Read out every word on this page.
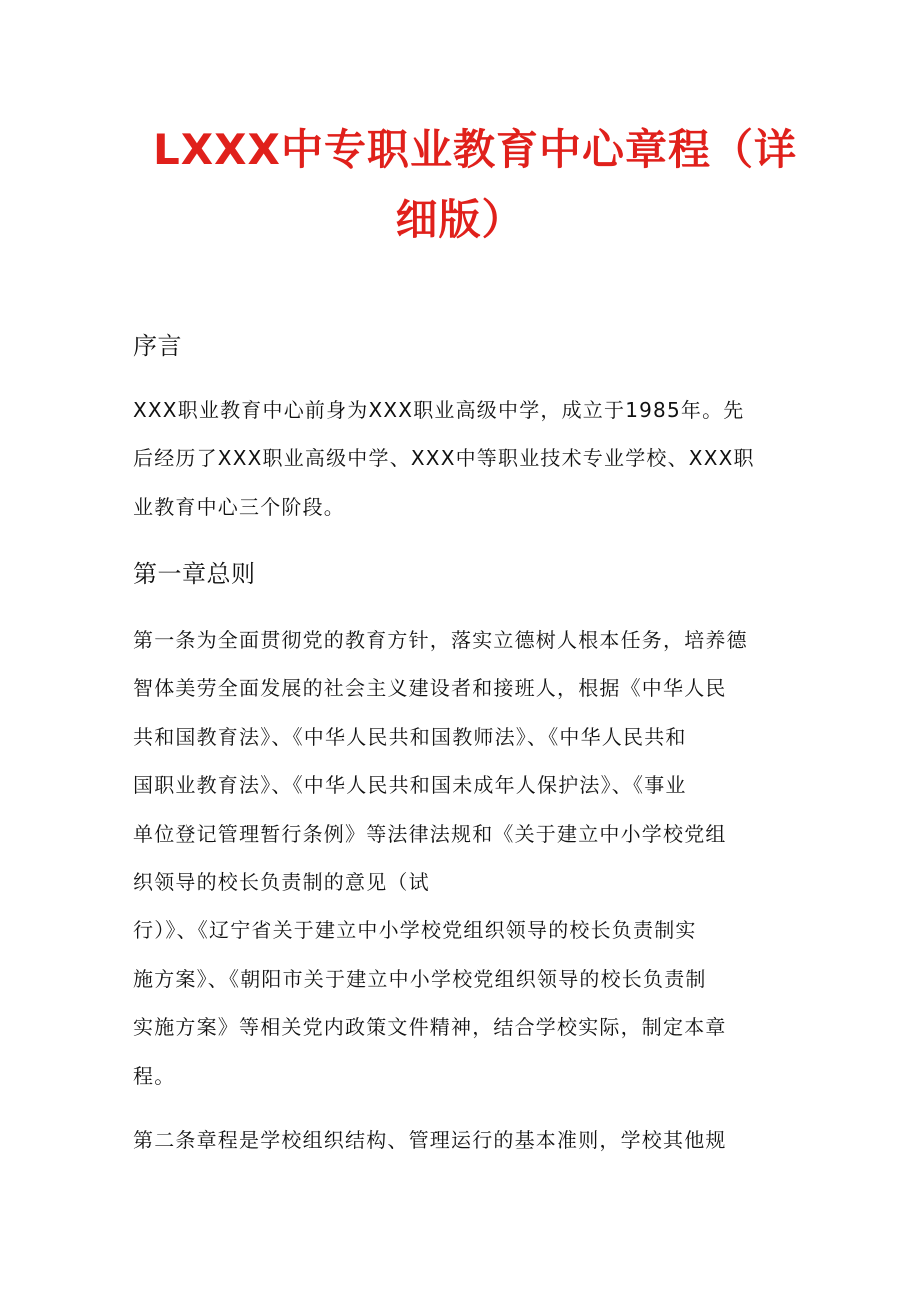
LXXX中专职业教育中心章程（详
细版）
序言
XXX职业教育中心前身为XXX职业高级中学，成立于1985年。先
后经历了XXX职业高级中学、XXX中等职业技术专业学校、XXX职
业教育中心三个阶段。
第一章总则
第一条为全面贯彻党的教育方针，落实立德树人根本任务，培养德
智体美劳全面发展的社会主义建设者和接班人，根据《中华人民
共和国教育法》、《中华人民共和国教师法》、《中华人民共和
国职业教育法》、《中华人民共和国未成年人保护法》、《事业
单位登记管理暂行条例》等法律法规和《关于建立中小学校党组
织领导的校长负责制的意见（试
行）》、《辽宁省关于建立中小学校党组织领导的校长负责制实
施方案》、《朝阳市关于建立中小学校党组织领导的校长负责制
实施方案》等相关党内政策文件精神，结合学校实际，制定本章
程。
第二条章程是学校组织结构、管理运行的基本准则，学校其他规
